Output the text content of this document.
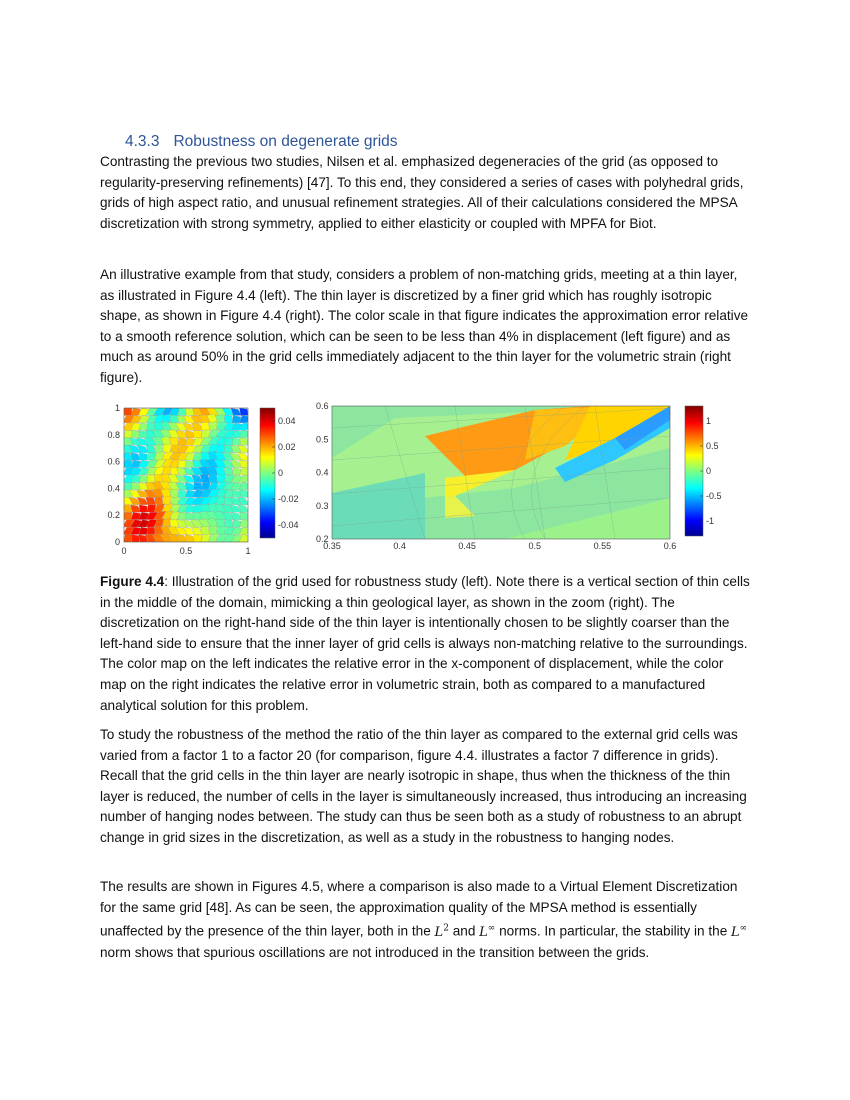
4.3.3 Robustness on degenerate grids

Contrasting the previous two studies, Nilsen et al. emphasized degeneracies of the grid (as opposed to regularity-preserving refinements) [47]. To this end, they considered a series of cases with polyhedral grids, grids of high aspect ratio, and unusual refinement strategies. All of their calculations considered the MPSA discretization with strong symmetry, applied to either elasticity or coupled with MPFA for Biot.

An illustrative example from that study, considers a problem of non-matching grids, meeting at a thin layer, as illustrated in Figure 4.4 (left). The thin layer is discretized by a finer grid which has roughly isotropic shape, as shown in Figure 4.4 (right). The color scale in that figure indicates the approximation error relative to a smooth reference solution, which can be seen to be less than 4% in displacement (left figure) and as much as around 50% in the grid cells immediately adjacent to the thin layer for the volumetric strain (right figure).

0
0.2
0.4
0.6
0.8
1
0	0.5	1
0.04
0.02
0
-0.02
-0.04
0.2
0.3
0.4
0.5
0.6
0.35	0.4	0.45	0.5	0.55	0.6
1
0.5
0
-0.5
-1

Figure 4.4: Illustration of the grid used for robustness study (left). Note there is a vertical section of thin cells in the middle of the domain, mimicking a thin geological layer, as shown in the zoom (right). The discretization on the right-hand side of the thin layer is intentionally chosen to be slightly coarser than the left-hand side to ensure that the inner layer of grid cells is always non-matching relative to the surroundings. The color map on the left indicates the relative error in the x-component of displacement, while the color map on the right indicates the relative error in volumetric strain, both as compared to a manufactured analytical solution for this problem.

To study the robustness of the method the ratio of the thin layer as compared to the external grid cells was varied from a factor 1 to a factor 20 (for comparison, figure 4.4. illustrates a factor 7 difference in grids). Recall that the grid cells in the thin layer are nearly isotropic in shape, thus when the thickness of the thin layer is reduced, the number of cells in the layer is simultaneously increased, thus introducing an increasing number of hanging nodes between. The study can thus be seen both as a study of robustness to an abrupt change in grid sizes in the discretization, as well as a study in the robustness to hanging nodes.

The results are shown in Figures 4.5, where a comparison is also made to a Virtual Element Discretization for the same grid [48]. As can be seen, the approximation quality of the MPSA method is essentially unaffected by the presence of the thin layer, both in the $L^2$ and L∞ norms. In particular, the stability in the L∞ norm shows that spurious oscillations are not introduced in the transition between the grids.
